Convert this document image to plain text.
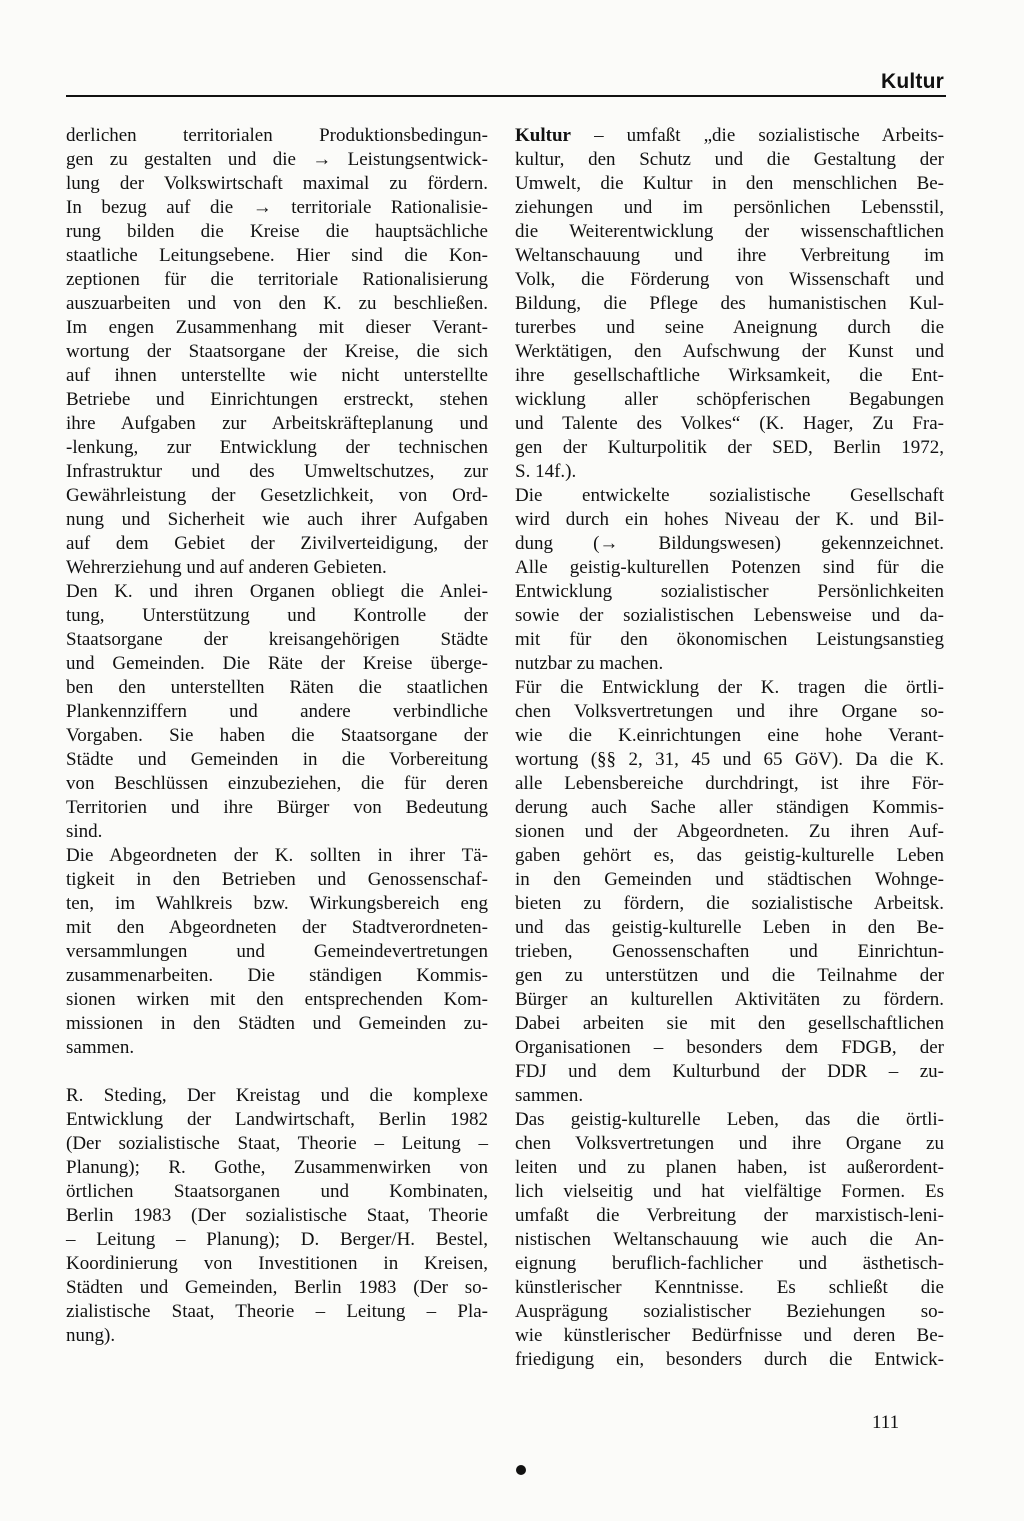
Kultur
derlichen territorialen Produktionsbedingun-
gen zu gestalten und die → Leistungsentwick-
lung der Volkswirtschaft maximal zu fördern.
In bezug auf die → territoriale Rationalisie-
rung bilden die Kreise die hauptsächliche
staatliche Leitungsebene. Hier sind die Kon-
zeptionen für die territoriale Rationalisierung
auszuarbeiten und von den K. zu beschließen.
Im engen Zusammenhang mit dieser Verant-
wortung der Staatsorgane der Kreise, die sich
auf ihnen unterstellte wie nicht unterstellte
Betriebe und Einrichtungen erstreckt, stehen
ihre Aufgaben zur Arbeitskräfteplanung und
-lenkung, zur Entwicklung der technischen
Infrastruktur und des Umweltschutzes, zur
Gewährleistung der Gesetzlichkeit, von Ord-
nung und Sicherheit wie auch ihrer Aufgaben
auf dem Gebiet der Zivilverteidigung, der
Wehrerziehung und auf anderen Gebieten.
Den K. und ihren Organen obliegt die Anlei-
tung, Unterstützung und Kontrolle der
Staatsorgane der kreisangehörigen Städte
und Gemeinden. Die Räte der Kreise überge-
ben den unterstellten Räten die staatlichen
Plankennziffern und andere verbindliche
Vorgaben. Sie haben die Staatsorgane der
Städte und Gemeinden in die Vorbereitung
von Beschlüssen einzubeziehen, die für deren
Territorien und ihre Bürger von Bedeutung
sind.
Die Abgeordneten der K. sollten in ihrer Tä-
tigkeit in den Betrieben und Genossenschaf-
ten, im Wahlkreis bzw. Wirkungsbereich eng
mit den Abgeordneten der Stadtverordneten-
versammlungen und Gemeindevertretungen
zusammenarbeiten. Die ständigen Kommis-
sionen wirken mit den entsprechenden Kom-
missionen in den Städten und Gemeinden zu-
sammen.
R. Steding, Der Kreistag und die komplexe
Entwicklung der Landwirtschaft, Berlin 1982
(Der sozialistische Staat, Theorie – Leitung –
Planung); R. Gothe, Zusammenwirken von
örtlichen Staatsorganen und Kombinaten,
Berlin 1983 (Der sozialistische Staat, Theorie
– Leitung – Planung); D. Berger/H. Bestel,
Koordinierung von Investitionen in Kreisen,
Städten und Gemeinden, Berlin 1983 (Der so-
zialistische Staat, Theorie – Leitung – Pla-
nung).
Kultur – umfaßt „die sozialistische Arbeits-
kultur, den Schutz und die Gestaltung der
Umwelt, die Kultur in den menschlichen Be-
ziehungen und im persönlichen Lebensstil,
die Weiterentwicklung der wissenschaftlichen
Weltanschauung und ihre Verbreitung im
Volk, die Förderung von Wissenschaft und
Bildung, die Pflege des humanistischen Kul-
turerbes und seine Aneignung durch die
Werktätigen, den Aufschwung der Kunst und
ihre gesellschaftliche Wirksamkeit, die Ent-
wicklung aller schöpferischen Begabungen
und Talente des Volkes“ (K. Hager, Zu Fra-
gen der Kulturpolitik der SED, Berlin 1972,
S. 14f.).
Die entwickelte sozialistische Gesellschaft
wird durch ein hohes Niveau der K. und Bil-
dung (→ Bildungswesen) gekennzeichnet.
Alle geistig-kulturellen Potenzen sind für die
Entwicklung sozialistischer Persönlichkeiten
sowie der sozialistischen Lebensweise und da-
mit für den ökonomischen Leistungsanstieg
nutzbar zu machen.
Für die Entwicklung der K. tragen die örtli-
chen Volksvertretungen und ihre Organe so-
wie die K.einrichtungen eine hohe Verant-
wortung (§§ 2, 31, 45 und 65 GöV). Da die K.
alle Lebensbereiche durchdringt, ist ihre För-
derung auch Sache aller ständigen Kommis-
sionen und der Abgeordneten. Zu ihren Auf-
gaben gehört es, das geistig-kulturelle Leben
in den Gemeinden und städtischen Wohnge-
bieten zu fördern, die sozialistische Arbeitsk.
und das geistig-kulturelle Leben in den Be-
trieben, Genossenschaften und Einrichtun-
gen zu unterstützen und die Teilnahme der
Bürger an kulturellen Aktivitäten zu fördern.
Dabei arbeiten sie mit den gesellschaftlichen
Organisationen – besonders dem FDGB, der
FDJ und dem Kulturbund der DDR – zu-
sammen.
Das geistig-kulturelle Leben, das die örtli-
chen Volksvertretungen und ihre Organe zu
leiten und zu planen haben, ist außerordent-
lich vielseitig und hat vielfältige Formen. Es
umfaßt die Verbreitung der marxistisch-leni-
nistischen Weltanschauung wie auch die An-
eignung beruflich-fachlicher und ästhetisch-
künstlerischer Kenntnisse. Es schließt die
Ausprägung sozialistischer Beziehungen so-
wie künstlerischer Bedürfnisse und deren Be-
friedigung ein, besonders durch die Entwick-
111
